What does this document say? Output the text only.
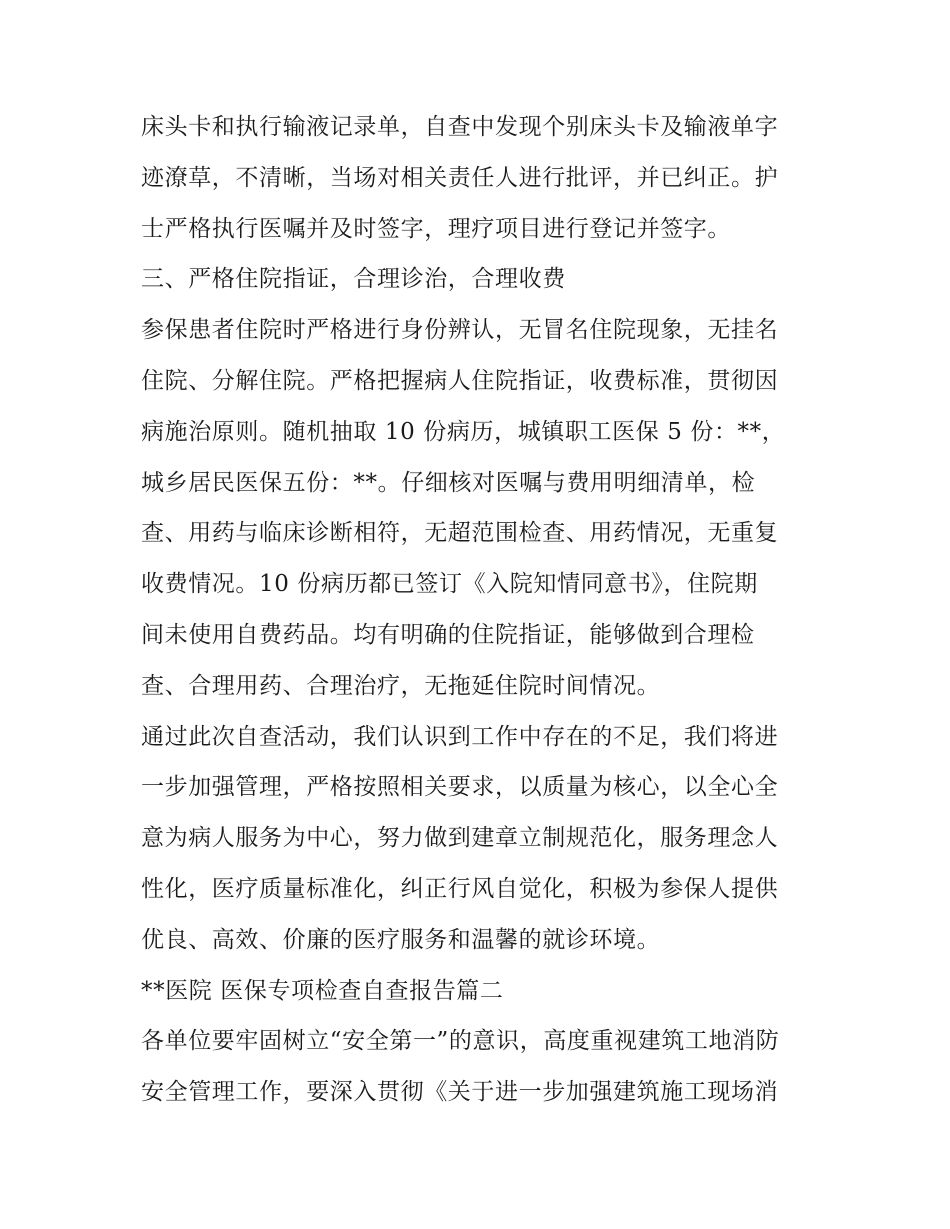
床头卡和执行输液记录单，自查中发现个别床头卡及输液单字
迹潦草，不清晰，当场对相关责任人进行批评，并已纠正。护
士严格执行医嘱并及时签字，理疗项目进行登记并签字。
三、严格住院指证，合理诊治，合理收费
参保患者住院时严格进行身份辨认，无冒名住院现象，无挂名
住院、分解住院。严格把握病人住院指证，收费标准，贯彻因
病施治原则。随机抽取 10 份病历，城镇职工医保 5 份：**，
城乡居民医保五份：**。仔细核对医嘱与费用明细清单，检
查、用药与临床诊断相符，无超范围检查、用药情况，无重复
收费情况。10 份病历都已签订《入院知情同意书》，住院期
间未使用自费药品。均有明确的住院指证，能够做到合理检
查、合理用药、合理治疗，无拖延住院时间情况。
通过此次自查活动，我们认识到工作中存在的不足，我们将进
一步加强管理，严格按照相关要求，以质量为核心，以全心全
意为病人服务为中心，努力做到建章立制规范化，服务理念人
性化，医疗质量标准化，纠正行风自觉化，积极为参保人提供
优良、高效、价廉的医疗服务和温馨的就诊环境。
**医院 医保专项检查自查报告篇二
各单位要牢固树立“安全第一”的意识，高度重视建筑工地消防
安全管理工作，要深入贯彻《关于进一步加强建筑施工现场消
